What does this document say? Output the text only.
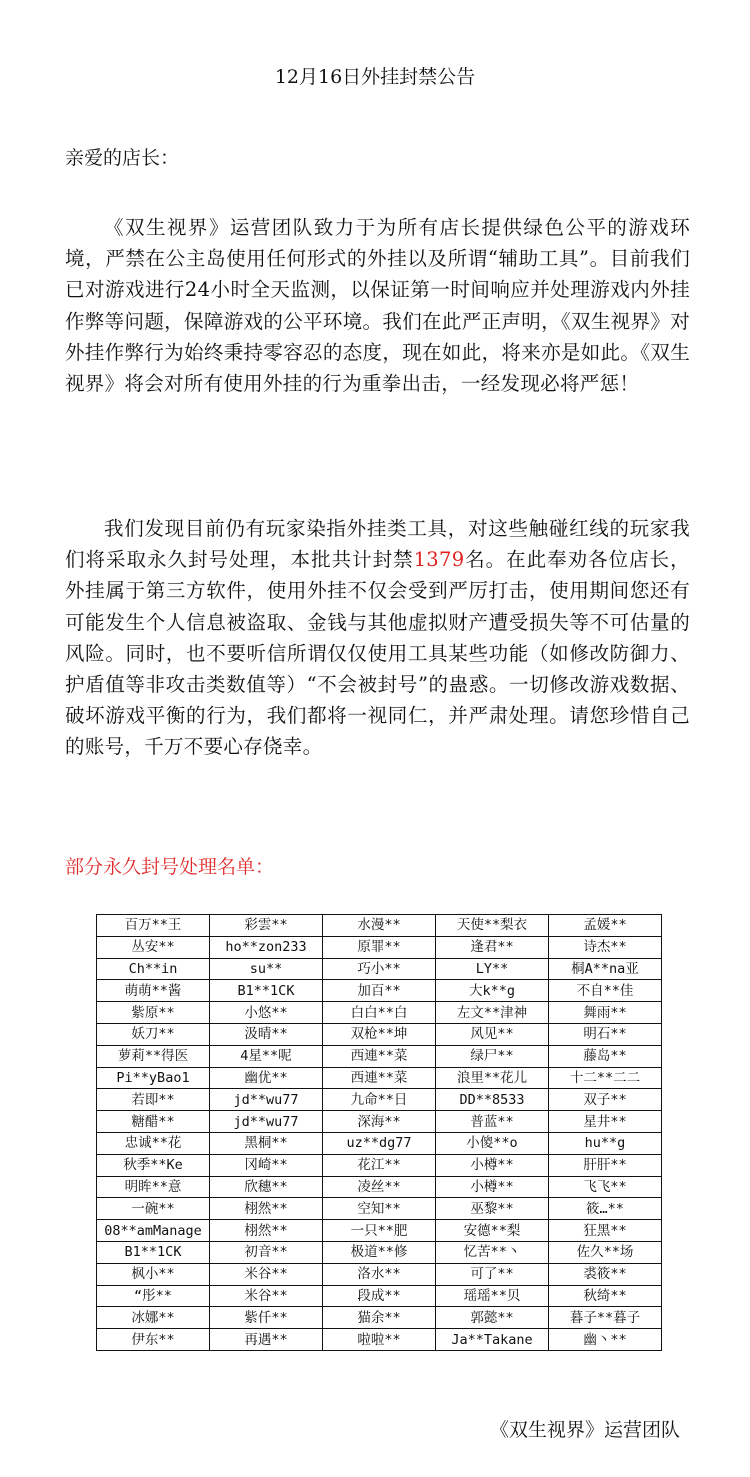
12月16日外挂封禁公告
亲爱的店长：
《双生视界》运营团队致力于为所有店长提供绿色公平的游戏环境，严禁在公主岛使用任何形式的外挂以及所谓“辅助工具”。目前我们已对游戏进行24小时全天监测，以保证第一时间响应并处理游戏内外挂作弊等问题，保障游戏的公平环境。我们在此严正声明，《双生视界》对外挂作弊行为始终秉持零容忍的态度，现在如此，将来亦是如此。《双生视界》将会对所有使用外挂的行为重拳出击，一经发现必将严惩！
我们发现目前仍有玩家染指外挂类工具，对这些触碰红线的玩家我们将采取永久封号处理，本批共计封禁1379名。在此奉劝各位店长，外挂属于第三方软件，使用外挂不仅会受到严厉打击，使用期间您还有可能发生个人信息被盗取、金钱与其他虚拟财产遭受损失等不可估量的风险。同时，也不要听信所谓仅仅使用工具某些功能（如修改防御力、护盾值等非攻击类数值等）“不会被封号”的蛊惑。一切修改游戏数据、破坏游戏平衡的行为，我们都将一视同仁，并严肃处理。请您珍惜自己的账号，千万不要心存侥幸。
部分永久封号处理名单：
百万**王	彩雲**	水漫**	天使**梨衣	孟媛**
丛安**	ho**zon233	原罪**	逢君**	诗杰**
Ch**in	su**	巧小**	LY**	桐A**na亚
萌萌**酱	B1**1CK	加百**	大k**g	不自**佳
紫原**	小悠**	白白**白	左文**津神	舞雨**
妖刀**	汲晴**	双枪**坤	风见**	明石**
萝莉**得医	4星**呢	西連**菜	绿尸**	藤岛**
Pi**yBao1	幽优**	西連**菜	浪里**花儿	十二**二二
若即**	jd**wu77	九命**日	DD**8533	双子**
糖醋**	jd**wu77	深海**	普蓝**	星井**
忠诚**花	黑桐**	uz**dg77	小傻**o	hu**g
秋季**Ke	冈崎**	花江**	小樽**	肝肝**
明眸**意	欣穗**	凌丝**	小樽**	飞飞**
一碗**	栩然**	空知**	巫黎**	筱…**
08**amManage	栩然**	一只**肥	安德**梨	狂黑**
B1**1CK	初音**	极道**修	忆苦**丶	佐久**场
枫小**	米谷**	洛水**	可了**	裘筱**
“彤**	米谷**	段成**	瑶瑶**贝	秋绮**
冰娜**	紫仟**	猫余**	郭懿**	暮子**暮子
伊东**	再遇**	啦啦**	Ja**Takane	幽丶**
《双生视界》运营团队
